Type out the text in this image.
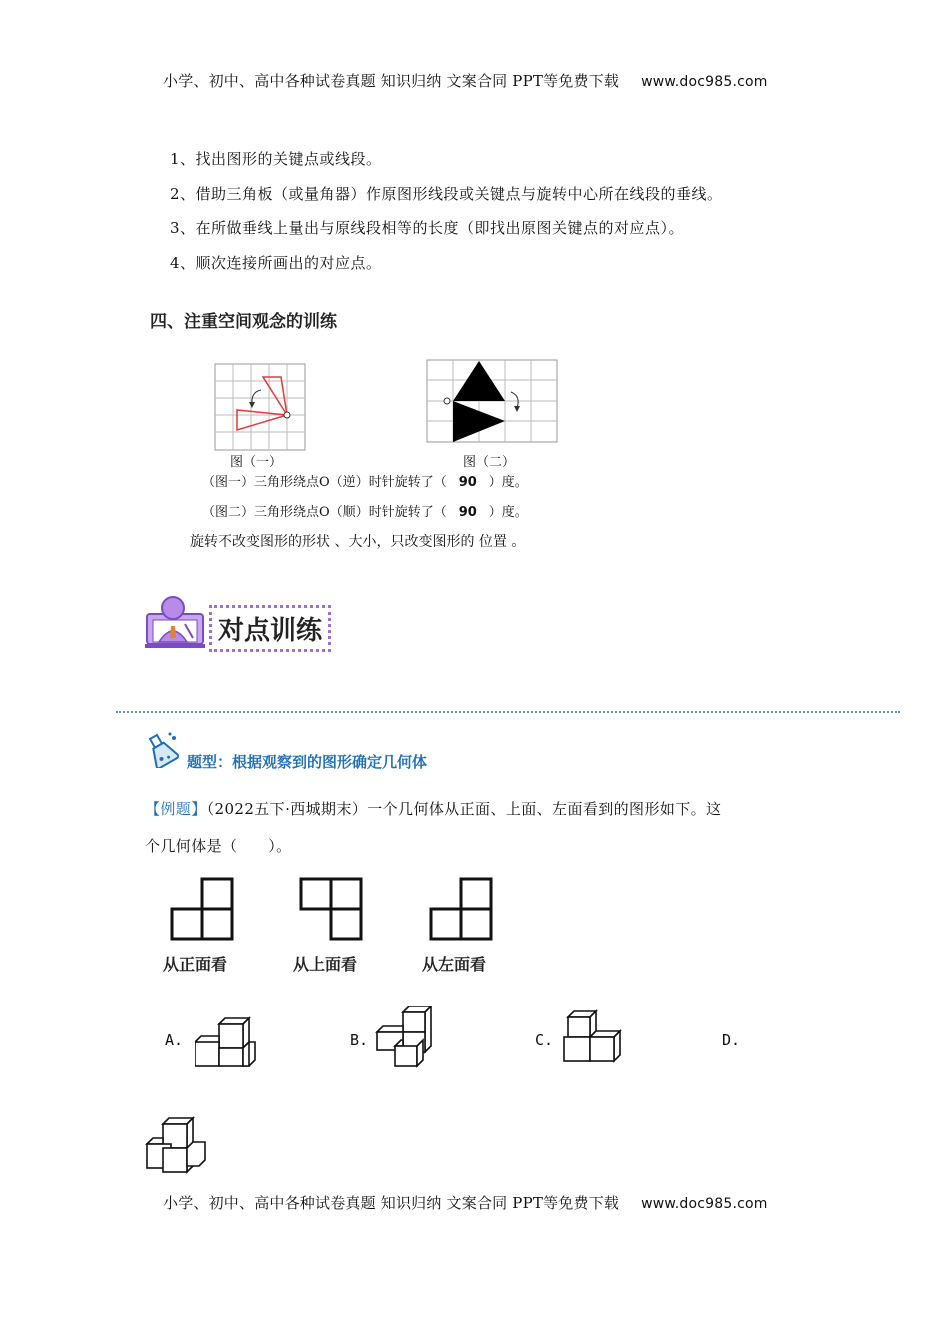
小学、初中、高中各种试卷真题 知识归纳 文案合同 PPT等免费下载 www.doc985.com
1、找出图形的关键点或线段。
2、借助三角板（或量角器）作原图形线段或关键点与旋转中心所在线段的垂线。
3、在所做垂线上量出与原线段相等的长度（即找出原图关键点的对应点）。
4、顺次连接所画出的对应点。
四、注重空间观念的训练
图（一）	图（二）
（图一）三角形绕点O（逆）时针旋转了（ 90 ）度。
（图二）三角形绕点O（顺）时针旋转了（ 90 ）度。
旋转不改变图形的形状 、大小，只改变图形的 位置 。
对点训练
题型：根据观察到的图形确定几何体
【例题】（2022五下·西城期末）一个几何体从正面、上面、左面看到的图形如下。这
个几何体是（　　）。
从正面看	从上面看	从左面看
A.	B.	C.	D.
小学、初中、高中各种试卷真题 知识归纳 文案合同 PPT等免费下载 www.doc985.com
